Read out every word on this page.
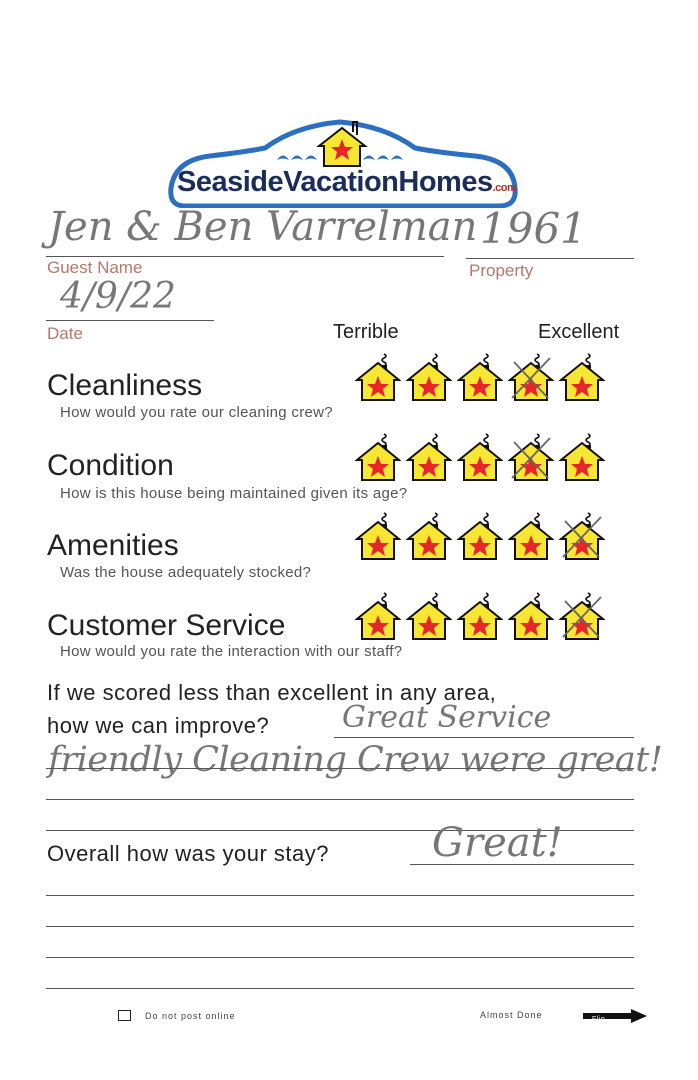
SeasideVacationHomes.com
Jen & Ben Varrelman
Guest Name
1961
Property
4/9/22
Date	Terrible	Excellent
Cleanliness
How would you rate our cleaning crew?
Condition
How is this house being maintained given its age?
Amenities
Was the house adequately stocked?
Customer Service
How would you rate the interaction with our staff?
If we scored less than excellent in any area,
how we can improve? Great Service
friendly Cleaning Crew were great!
Overall how was your stay?	Great!
Do not post online	Almost Done	Flip
